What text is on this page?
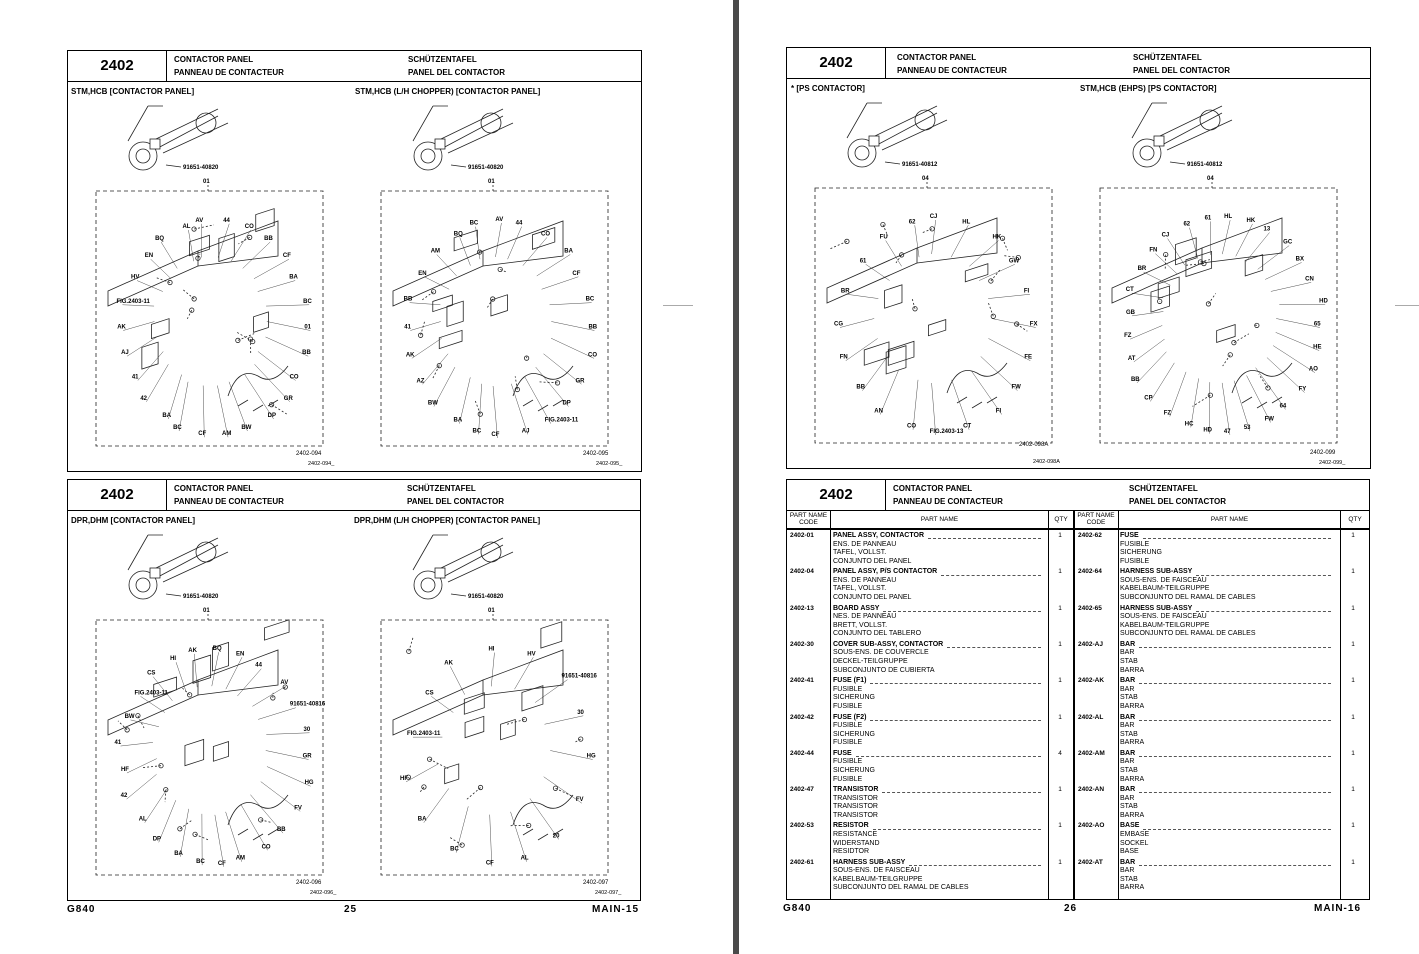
2402	CONTACTOR PANEL
PANNEAU DE CONTACTEUR
SCHÜTZENTAFEL
PANEL DEL CONTACTOR
STM,HCB [CONTACTOR PANEL]	STM,HCB (L/H CHOPPER) [CONTACTOR PANEL]
91651-40820
01
01
BB
CO
GR
DP
BW
AM
CF
BC
BA
42
41
AJ
AK
FIG.2403-11
HV
EN
BQ
AL
AV	44
CO
BB
CF
BA
BC
91651-40820
01
BB
CO
GR
DP
FIG.2403-11
AJ
CF
BC
BA
BW
AZ
AK
41
BB
EN
AM
BQ
BC
AV
44
CO
BA
CF
BC
2402-094
2402-094_
2402-095
2402-095_
2402	CONTACTOR PANEL
PANNEAU DE CONTACTEUR
SCHÜTZENTAFEL
PANEL DEL CONTACTOR
DPR,DHM [CONTACTOR PANEL]	DPR,DHM (L/H CHOPPER) [CONTACTOR PANEL]
91651-40820
01
GR
HG
FV
BB
CO
AM
CF
BC
BA
DP
AL
42
HF
41
BW
FIG.2403-11
CS
HI
AK	BQ
EN
44
AV
91651-40816
30
91651-40820
01
HG
FV
20
AL
CF
BC
BA
HF
FIG.2403-11
CS
AK
HI
HV
91651-40816
30
2402-096
2402-096_
2402-097
2402-097_
G840	25	MAIN-15
2402	CONTACTOR PANEL
PANNEAU DE CONTACTEUR
SCHÜTZENTAFEL
PANEL DEL CONTACTOR
* [PS CONTACTOR]	STM,HCB (EHPS) [PS CONTACTOR]
91651-40812
04
FX
FE
FW
FI
CT
FIG.2403-13
CO
AN
BB
FN
CG
BR
61
FU
62
CJ
HL
HK
GW
FI
91651-40812
04
65
HE
AO
FY
64
FW
53
47
HD
HC
FZ
CP
BB
AT
FZ
GB
CT
BR
FN
CJ
62
61 HL
HK
13
GC
BX
CN
HD
2402-098A
2402-098A
2402-099
2402-099_
2402	CONTACTOR PANEL
PANNEAU DE CONTACTEUR
SCHÜTZENTAFEL
PANEL DEL CONTACTOR
PART NAME CODE	PART NAME	QTY	PART NAME CODE	PART NAME	QTY
2402-01	PANEL ASSY, CONTACTOR
ENS. DE PANNEAU
TAFEL, VOLLST.
CONJUNTO DEL PANEL
1
2402-04	PANEL ASSY, P/S CONTACTOR
ENS. DE PANNEAU
TAFEL, VOLLST.
CONJUNTO DEL PANEL
1
2402-13	BOARD ASSY
NES. DE PANNEAU
BRETT, VOLLST.
CONJUNTO DEL TABLERO
1
2402-30	COVER SUB-ASSY, CONTACTOR
SOUS-ENS. DE COUVERCLE
DECKEL-TEILGRUPPE
SUBCONJUNTO DE CUBIERTA
1
2402-41	FUSE (F1)
FUSIBLE
SICHERUNG
FUSIBLE
1
2402-42	FUSE (F2)
FUSIBLE
SICHERUNG
FUSIBLE
1
2402-44	FUSE
FUSIBLE
SICHERUNG
FUSIBLE
4
2402-47	TRANSISTOR
TRANSISTOR
TRANSISTOR
TRANSISTOR
1
2402-53	RESISTOR
RESISTANCE
WIDERSTAND
RESIDTOR
1
2402-61	HARNESS SUB-ASSY
SOUS-ENS. DE FAISCEAU
KABELBAUM-TEILGRUPPE
SUBCONJUNTO DEL RAMAL DE CABLES
1
2402-62	FUSE
FUSIBLE
SICHERUNG
FUSIBLE
1
2402-64	HARNESS SUB-ASSY
SOUS-ENS. DE FAISCEAU
KABELBAUM-TEILGRUPPE
SUBCONJUNTO DEL RAMAL DE CABLES
1
2402-65	HARNESS SUB-ASSY
SOUS-ENS. DE FAISCEAU
KABELBAUM-TEILGRUPPE
SUBCONJUNTO DEL RAMAL DE CABLES
1
2402-AJ BAR
BAR
STAB
BARRA
1
2402-AK BAR
BAR
STAB
BARRA
1
2402-AL BAR
BAR
STAB
BARRA
1
2402-AM BAR
BAR
STAB
BARRA
1
2402-AN BAR
BAR
STAB
BARRA
1
2402-AO BASE
EMBASE
SOCKEL
BASE
1
2402-AT BAR
BAR
STAB
BARRA
1
G840	26	MAIN-16
